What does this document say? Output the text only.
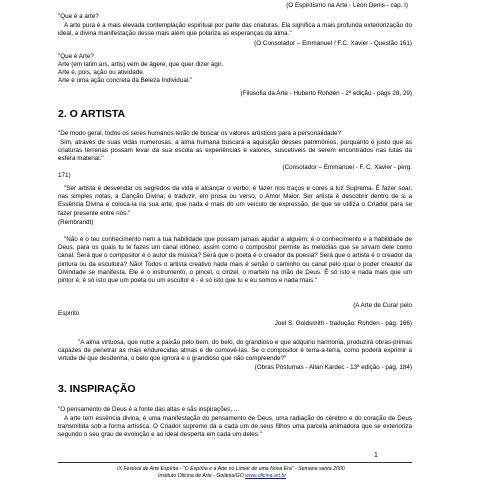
(O Espiritismo na Arte - Léon Denis - cap. I)
"Que é a arte?
A arte pura é a mais elevada contemplação espiritual por parte das criaturas. Ela significa a mais profunda exteriorização do ideal, a divina manifestação desse mais além que polariza as esperanças da alma."
(O Consolador – Emmanuel / F.C. Xavier - Questão 161)
"Que é Arte?
Arte (em latim ars, artis) vem de ágere, que quer dizer agir.
Arte é, pois, ação ou atividade.
Arte é uma ação concreta da Beleza Individual."
(Filosofia da Arte - Huberto Rohden - 2ª edição - págs 28, 29)
2. O ARTISTA
"De modo geral, todos os seres humanos terão de buscar os valores artísticos para a personalidade?
Sim, através de suas vidas numerosas, a alma humana buscará a aquisição desses patrimônios, porquanto é justo que as criaturas terrenas possam levar da sua escola as experiências e valores, suscetíveis de serem encontrados nas lutas da esfera material."
(Consolador – Emmanuel - F. C. Xavier - perg.
171)
"Ser artista é desvendar os segredos da vida e alcançar o verbo; é fazer nos traços e cores a luz Suprema. É fazer soar, nas simples notas, a Canção Divina; é traduzir, em prosa ou verso, o Amor Maior. Ser artista é descobrir dentro de si a Essência Divina e colocá-la na sua arte, que nada é mais do um veículo de expressão, de que se utiliza o Criador para se fazer presente entre nós."
(Rembrandt)
"Não é o teu conhecimento nem a tua habilidade que possam jamais ajudar a alguém: é o conhecimento e a habilidade de Deus, para os quais tu te fazes um canal idôneo, assim como o compositor permite às melodias que se sirvam dele como canal. Será que o compositor é o autor da música? Será que o poeta é o creador da poesia? Será que o artista é o creador da pintura ou da escultura? Não! Todos o artista creativo nada mais é senão o caminho ou canal pelo qual o poder creador da Divindade se manifesta. Ele é o instrumento, o pincel, o cinzel, o martelo na mão de Deus. É só isto e nada mais que um pintor é; é só isto que um poeta ou um escultor é - é só isto que tu e eu somos e nada mais."
(A Arte de Curar pelo
Espírito
Joel S. Goldsmith - tradução: Rohden - pág. 166)
"A alma virtuosa, que nutre a paixão pelo bem, do belo, do grandioso e que adquiriu harmonia, produzirá obras-primas capazes de penetrar as mais endurecidas almas e de comovê-las. Se o compositor é terra-a-terra, como poderá exprimir a virtude de que desdenha, o belo que ignora e o grandioso que não compreende?"
(Obras Póstumas - Allan Kardec - 13ª edição - pág. 184)
3. INSPIRAÇÃO
"O pensamento de Deus é a fonte das altas e sãs inspirações, ...
A arte tem essência divina, é uma manifestação do pensamento de Deus, uma radiação do cérebro e do coração de Deus transmitida sob a forma artística. O Criador supremo dá a cada um de seus filhos uma parcela animadora que se exterioriza segundo o seu grau de evolução e ao ideal desperta em cada um deles."
1
IX Festival de Arte Espírita - "O Espírita e a Arte no Limiar de uma Nova Era" - Semana santa 2000
Instituto Oficina de Arte - Goiânia/GO www.oficina.art.br
